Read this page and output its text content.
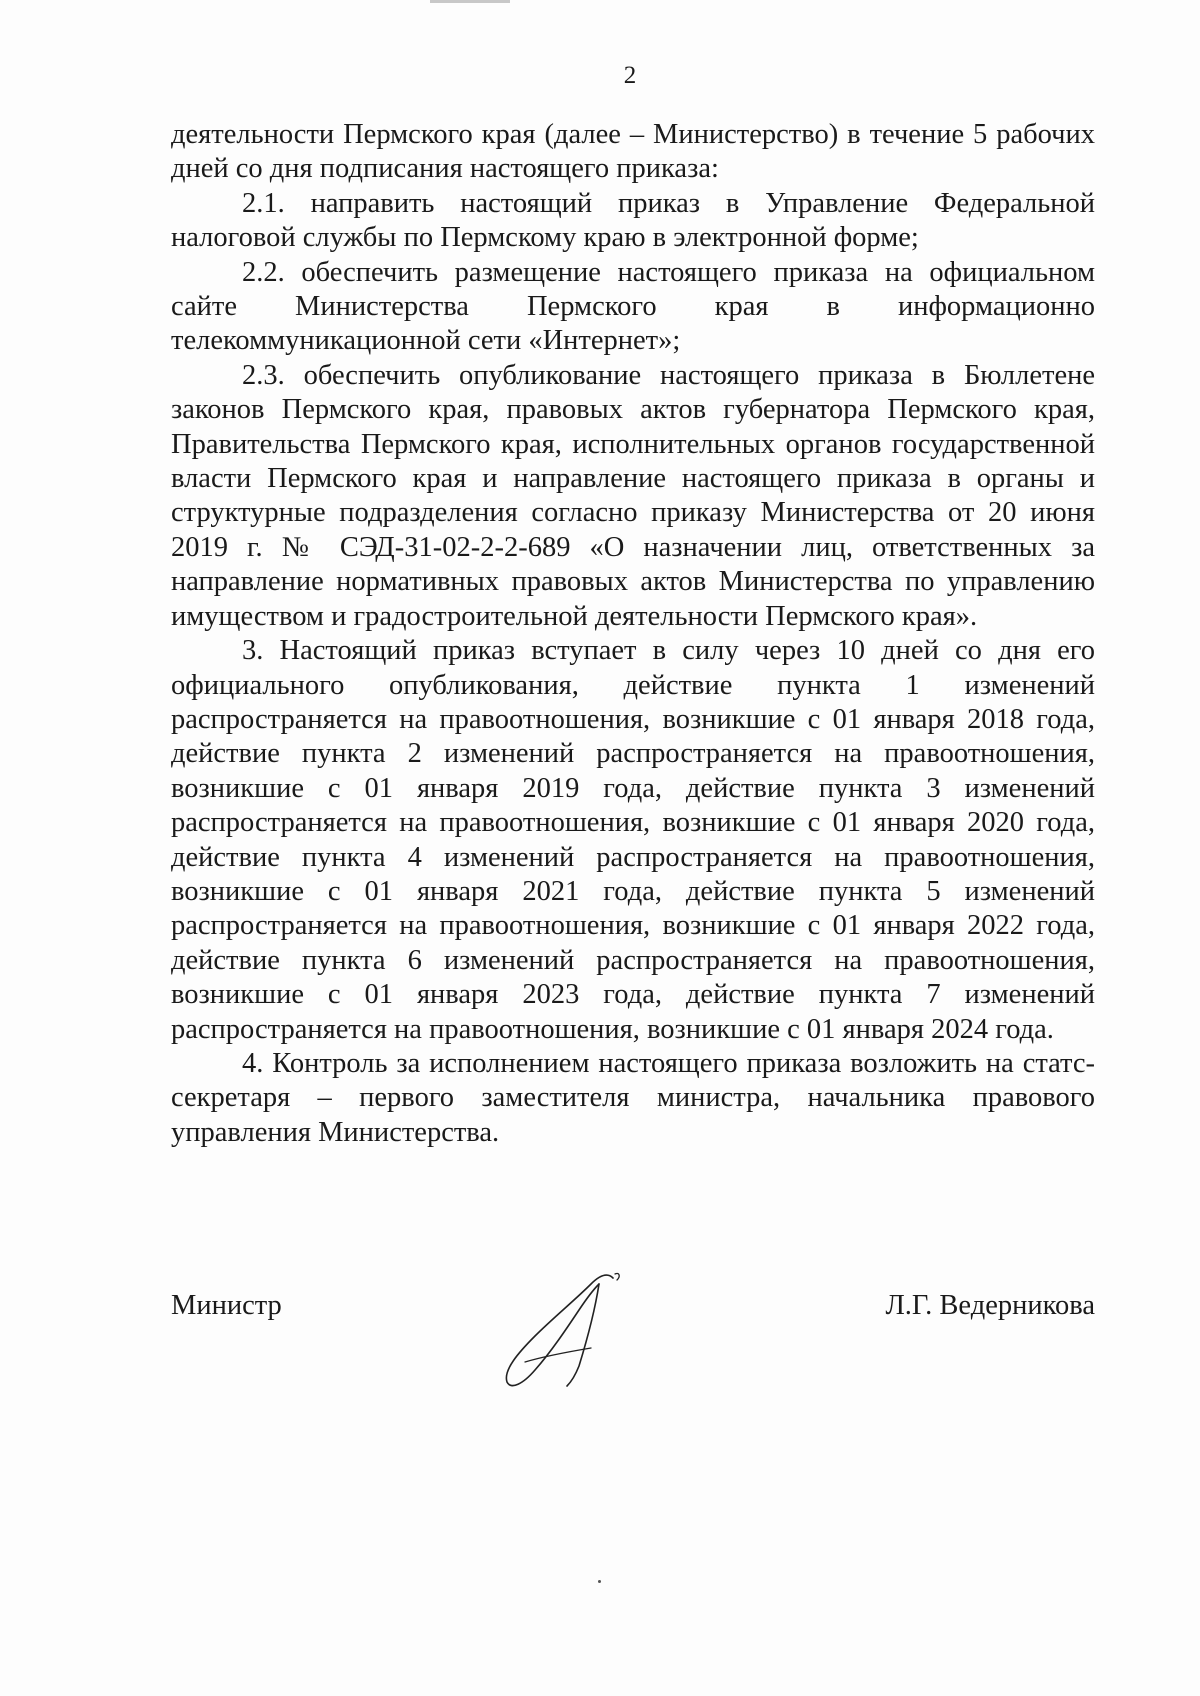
2

деятельности Пермского края (далее – Министерство) в течение 5 рабочих дней со дня подписания настоящего приказа:

2.1. направить настоящий приказ в Управление Федеральной налоговой службы по Пермскому краю в электронной форме;

2.2. обеспечить размещение настоящего приказа на официальном сайте Министерства Пермского края в информационно телекоммуникационной сети «Интернет»;

2.3. обеспечить опубликование настоящего приказа в Бюллетене законов Пермского края, правовых актов губернатора Пермского края, Правительства Пермского края, исполнительных органов государственной власти Пермского края и направление настоящего приказа в органы и структурные подразделения согласно приказу Министерства от 20 июня 2019 г. № СЭД-31-02-2-2-689 «О назначении лиц, ответственных за направление нормативных правовых актов Министерства по управлению имуществом и градостроительной деятельности Пермского края».

3. Настоящий приказ вступает в силу через 10 дней со дня его официального опубликования, действие пункта 1 изменений распространяется на правоотношения, возникшие с 01 января 2018 года, действие пункта 2 изменений распространяется на правоотношения, возникшие с 01 января 2019 года, действие пункта 3 изменений распространяется на правоотношения, возникшие с 01 января 2020 года, действие пункта 4 изменений распространяется на правоотношения, возникшие с 01 января 2021 года, действие пункта 5 изменений распространяется на правоотношения, возникшие с 01 января 2022 года, действие пункта 6 изменений распространяется на правоотношения, возникшие с 01 января 2023 года, действие пункта 7 изменений распространяется на правоотношения, возникшие с 01 января 2024 года.

4. Контроль за исполнением настоящего приказа возложить на статс-секретаря – первого заместителя министра, начальника правового управления Министерства.

Министр	Л.Г. Ведерникова
